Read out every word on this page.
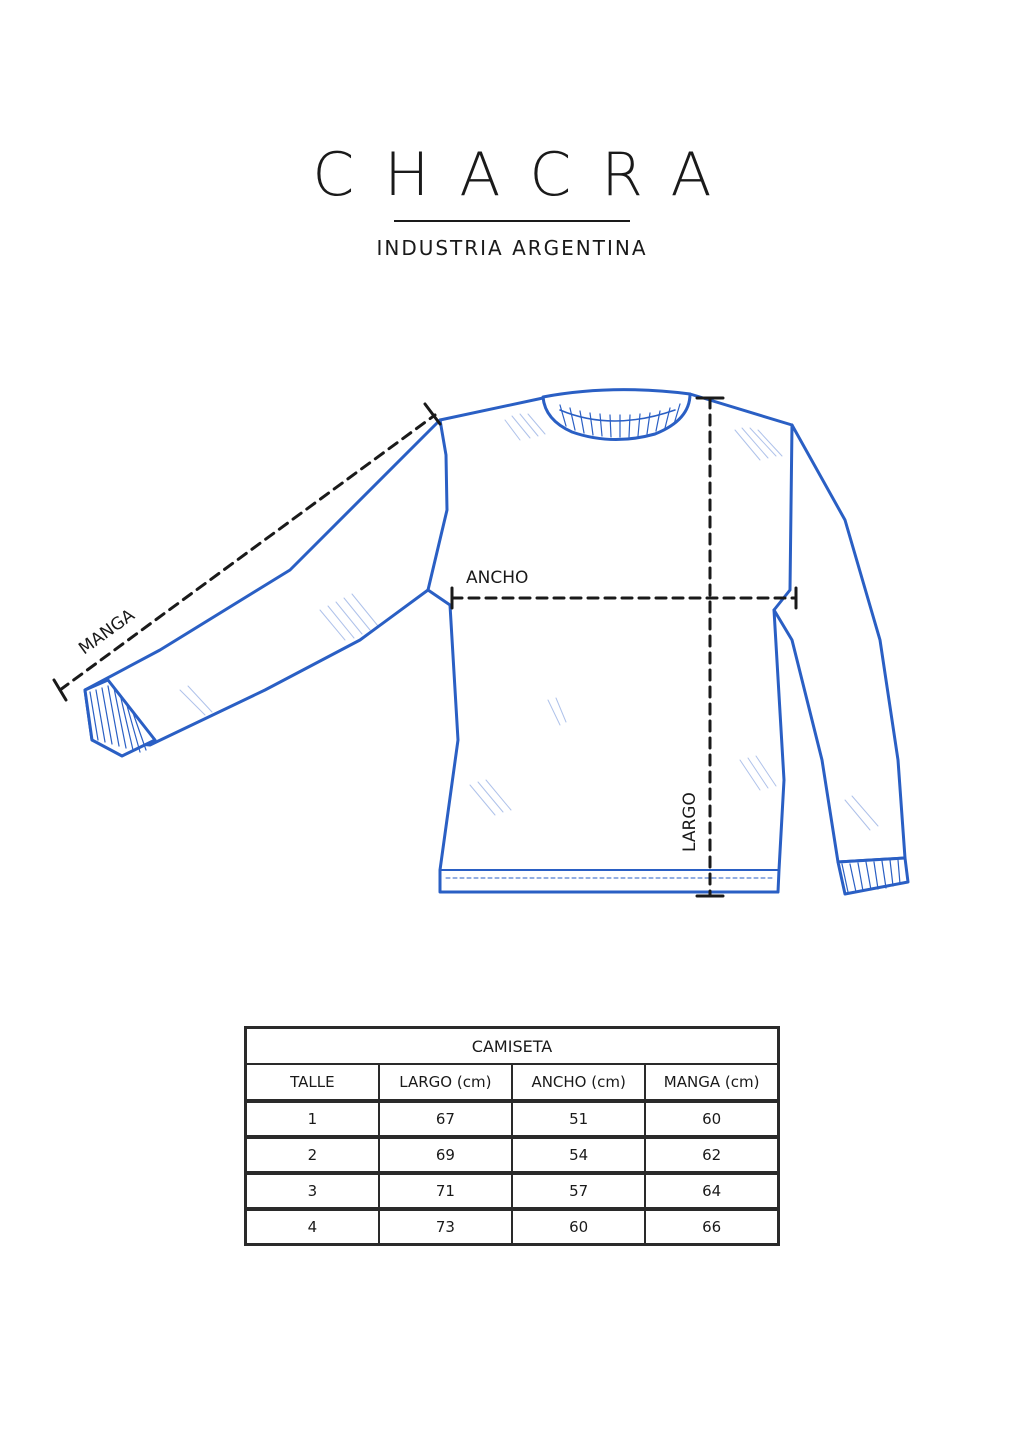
CHACRA
INDUSTRIA ARGENTINA
MANGA
ANCHO
LARGO
CAMISETA			
TALLE	LARGO (cm)	ANCHO (cm)	MANGA (cm)
1	67	51	60
2	69	54	62
3	71	57	64
4	73	60	66
